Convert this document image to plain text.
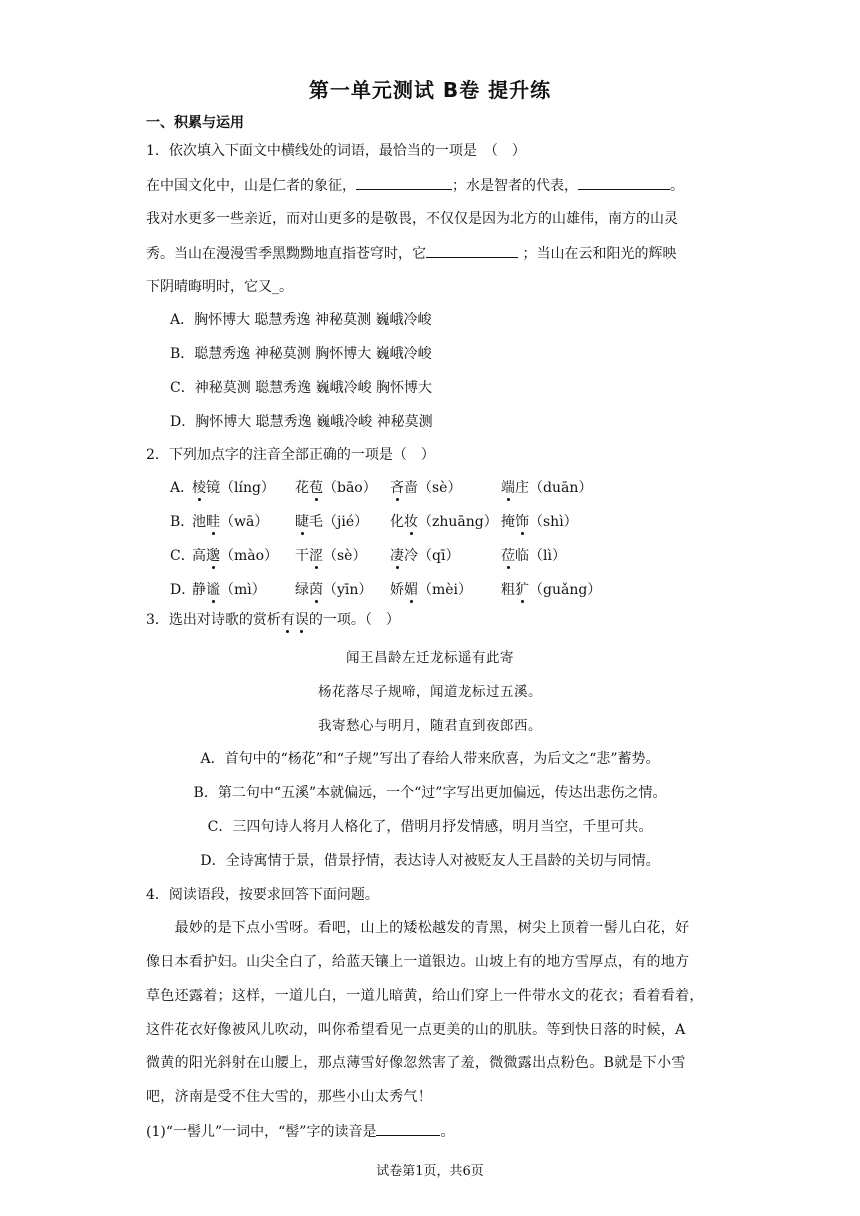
第一单元测试 B卷 提升练
一、积累与运用
1．依次填入下面文中横线处的词语，最恰当的一项是　（　）
在中国文化中，山是仁者的象征，	；水是智者的代表，	。
我对水更多一些亲近，而对山更多的是敬畏，不仅仅是因为北方的山雄伟，南方的山灵
秀。当山在漫漫雪季黑黝黝地直指苍穹时，它	；当山在云和阳光的辉映
下阴晴晦明时，它又_。
A．胸怀博大 聪慧秀逸 神秘莫测 巍峨冷峻
B．聪慧秀逸 神秘莫测 胸怀博大 巍峨冷峻
C．神秘莫测 聪慧秀逸 巍峨冷峻 胸怀博大
D．胸怀博大 聪慧秀逸 巍峨冷峻 神秘莫测
2．下列加点字的注音全部正确的一项是（　）
A．
棱镜（líng） 花苞（bāo） 吝啬（sè）	端庄（duān）
B．
池畦（wā） 睫毛（jié） 化妆（zhuāng） 掩饰（shì）
C．
高邈（mào） 干涩（sè） 凄冷（qī）	莅临（lì）
D．
静谧（mì） 绿茵（yīn） 娇媚（mèi） 粗犷（guǎng）
3．选出对诗歌的赏析有误的一项。（　）
闻王昌龄左迁龙标遥有此寄
杨花落尽子规啼，闻道龙标过五溪。
我寄愁心与明月，随君直到夜郎西。
A．首句中的“杨花”和“子规”写出了春给人带来欣喜，为后文之“悲”蓄势。
B．第二句中“五溪”本就偏远，一个“过”字写出更加偏远，传达出悲伤之情。
C．三四句诗人将月人格化了，借明月抒发情感，明月当空，千里可共。
D．全诗寓情于景，借景抒情，表达诗人对被贬友人王昌龄的关切与同情。
4．阅读语段，按要求回答下面问题。
　　最妙的是下点小雪呀。看吧，山上的矮松越发的青黑，树尖上顶着一髻儿白花，好
像日本看护妇。山尖全白了，给蓝天镶上一道银边。山坡上有的地方雪厚点，有的地方
草色还露着；这样，一道儿白，一道儿暗黄，给山们穿上一件带水文的花衣；看着看着，
这件花衣好像被风儿吹动，叫你希望看见一点更美的山的肌肤。等到快日落的时候，A
微黄的阳光斜射在山腰上，那点薄雪好像忽然害了羞，微微露出点粉色。B就是下小雪
吧，济南是受不住大雪的，那些小山太秀气！
(1)“一髻儿”一词中，“髻”字的读音是	。
试卷第1页，共6页
